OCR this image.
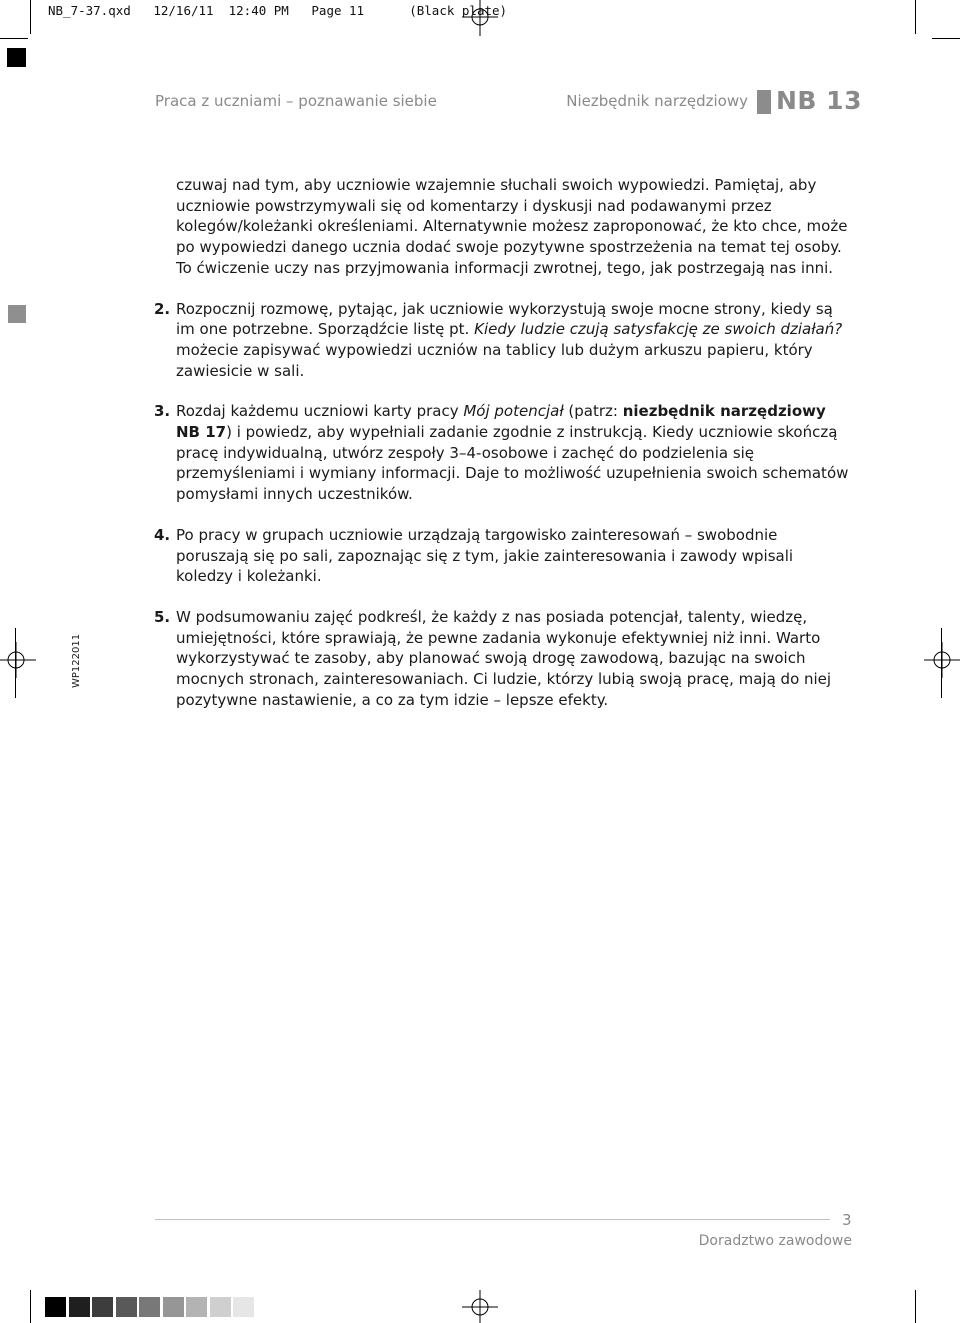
NB_7-37.qxd   12/16/11  12:40 PM   Page 11      (Black plate)
Praca z uczniami – poznawanie siebie	Niezbędnik narzędziowy NB 13
WP122011

czuwaj nad tym, aby uczniowie wzajemnie słuchali swoich wypowiedzi. Pamiętaj, aby uczniowie powstrzymywali się od komentarzy i dyskusji nad podawanymi przez kolegów/koleżanki określeniami. Alternatywnie możesz zaproponować, że kto chce, może po wypowiedzi danego ucznia dodać swoje pozytywne spostrzeżenia na temat tej osoby. To ćwiczenie uczy nas przyjmowania informacji zwrotnej, tego, jak postrzegają nas inni.

2. Rozpocznij rozmowę, pytając, jak uczniowie wykorzystują swoje mocne strony, kiedy są im one potrzebne. Sporządźcie listę pt. Kiedy ludzie czują satysfakcję ze swoich działań? możecie zapisywać wypowiedzi uczniów na tablicy lub dużym arkuszu papieru, który zawiesicie w sali.

3. Rozdaj każdemu uczniowi karty pracy Mój potencjał (patrz: niezbędnik narzędziowy NB 17) i powiedz, aby wypełniali zadanie zgodnie z instrukcją. Kiedy uczniowie skończą pracę indywidualną, utwórz zespoły 3–4-osobowe i zachęć do podzielenia się przemyśleniami i wymiany informacji. Daje to możliwość uzupełnienia swoich schematów pomysłami innych uczestników.

4. Po pracy w grupach uczniowie urządzają targowisko zainteresowań – swobodnie poruszają się po sali, zapoznając się z tym, jakie zainteresowania i zawody wpisali koledzy i koleżanki.

5. W podsumowaniu zajęć podkreśl, że każdy z nas posiada potencjał, talenty, wiedzę, umiejętności, które sprawiają, że pewne zadania wykonuje efektywniej niż inni. Warto wykorzystywać te zasoby, aby planować swoją drogę zawodową, bazując na swoich mocnych stronach, zainteresowaniach. Ci ludzie, którzy lubią swoją pracę, mają do niej pozytywne nastawienie, a co za tym idzie – lepsze efekty.

3
Doradztwo zawodowe
